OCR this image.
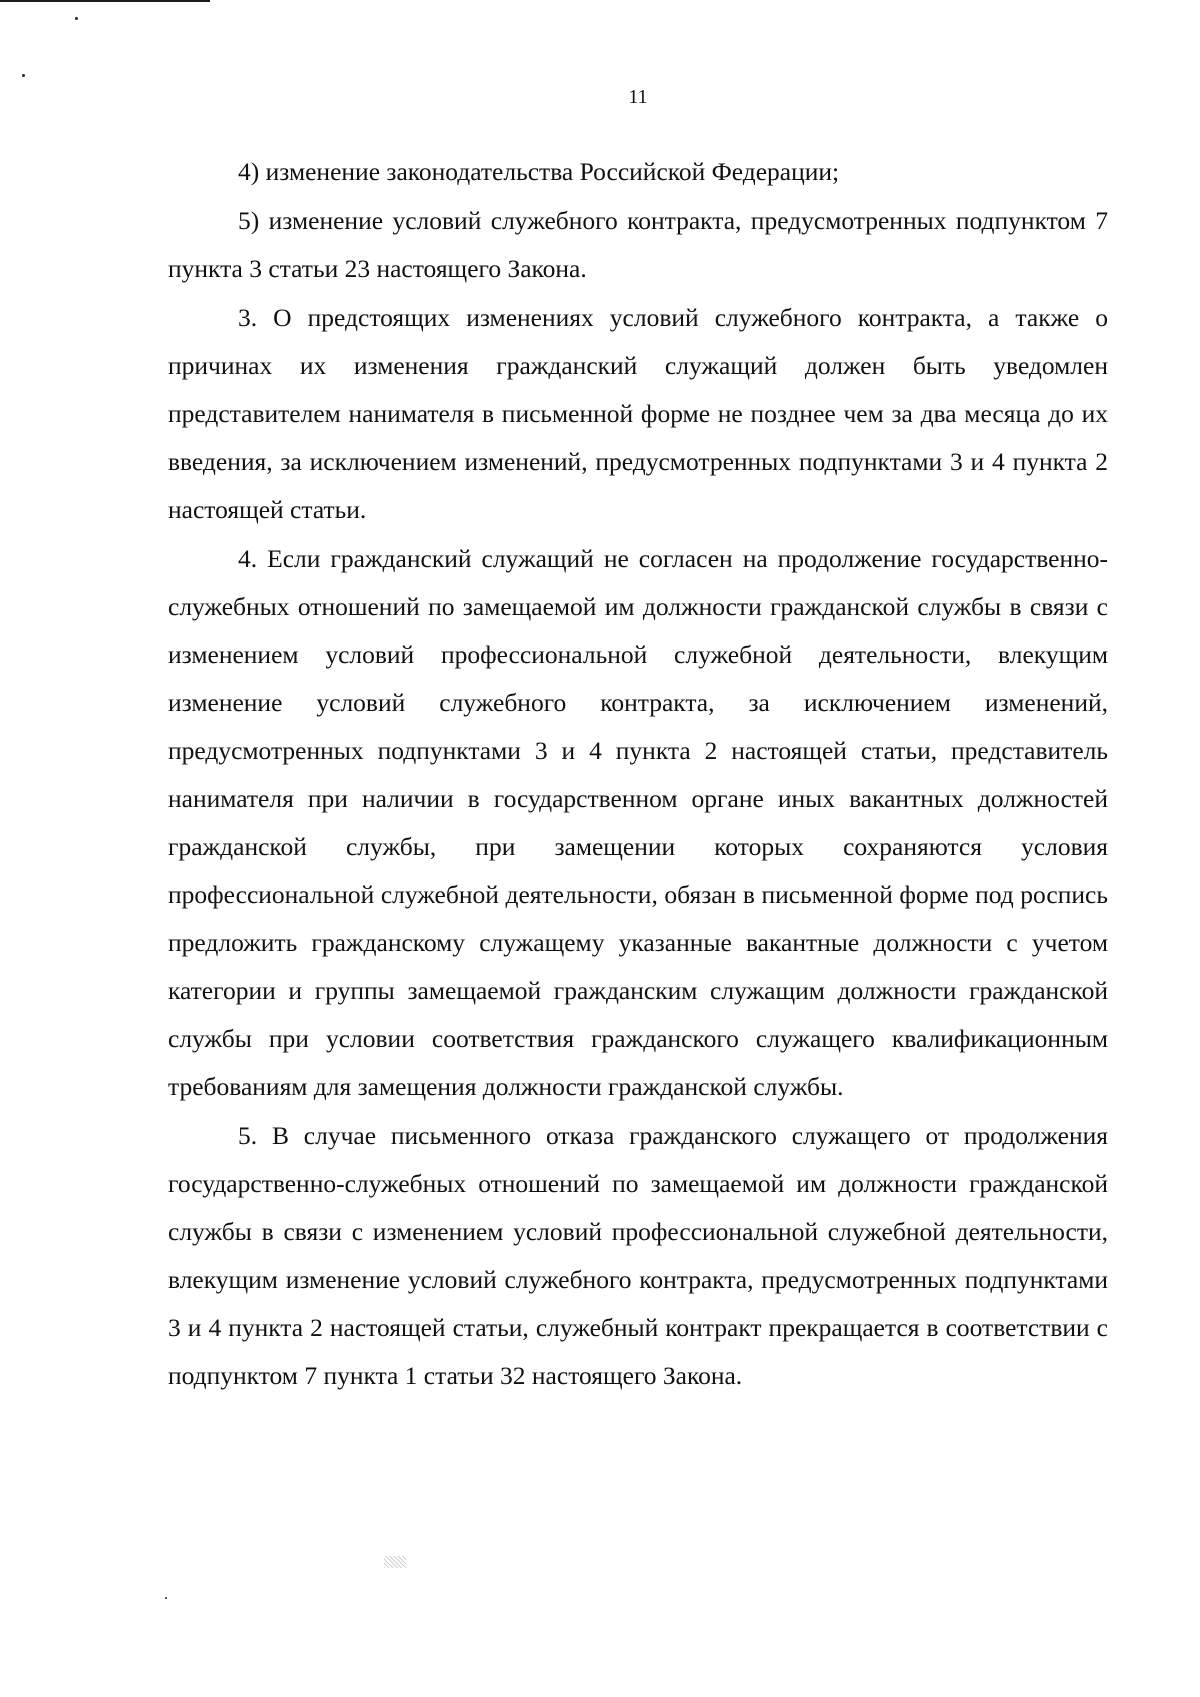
11

4) изменение законодательства Российской Федерации;

5) изменение условий служебного контракта, предусмотренных подпунктом 7 пункта 3 статьи 23 настоящего Закона.

3. О предстоящих изменениях условий служебного контракта, а также о причинах их изменения гражданский служащий должен быть уведомлен представителем нанимателя в письменной форме не позднее чем за два месяца до их введения, за исключением изменений, предусмотренных подпунктами 3 и 4 пункта 2 настоящей статьи.

4. Если гражданский служащий не согласен на продолжение государственно-служебных отношений по замещаемой им должности гражданской службы в связи с изменением условий профессиональной служебной деятельности, влекущим изменение условий служебного контракта, за исключением изменений, предусмотренных подпунктами 3 и 4 пункта 2 настоящей статьи, представитель нанимателя при наличии в государственном органе иных вакантных должностей гражданской службы, при замещении которых сохраняются условия профессиональной служебной деятельности, обязан в письменной форме под роспись предложить гражданскому служащему указанные вакантные должности с учетом категории и группы замещаемой гражданским служащим должности гражданской службы при условии соответствия гражданского служащего квалификационным требованиям для замещения должности гражданской службы.

5. В случае письменного отказа гражданского служащего от продолжения государственно-служебных отношений по замещаемой им должности гражданской службы в связи с изменением условий профессиональной служебной деятельности, влекущим изменение условий служебного контракта, предусмотренных подпунктами 3 и 4 пункта 2 настоящей статьи, служебный контракт прекращается в соответствии с подпунктом 7 пункта 1 статьи 32 настоящего Закона.
